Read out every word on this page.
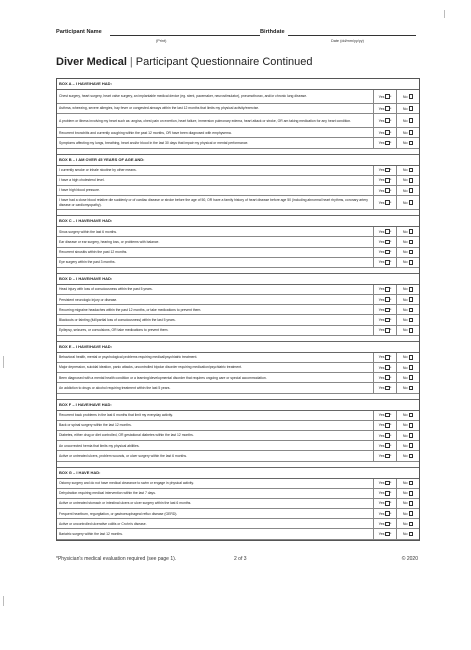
Participant Name
(Print)
Birthdate
Date (dd/mm/yy/yy)
Diver Medical | Participant Questionnaire Continued
BOX A – I HAVE/HAVE HAD:
Chest surgery, heart surgery, heart valve surgery, an implantable medical device (eg. stent, pacemaker, neurostimulator), pneumothorax, and/or chronic lung disease.	Yes *	No
Asthma, wheezing, severe allergies, hay fever or congested airways within the last 12 months that limits my physical activity/exercise.	Yes *	No
A problem or illness involving my heart such as: angina, chest pain on exertion, heart failure, immersion pulmonary edema, heart attack or stroke, OR am taking medication for any heart condition.	Yes *	No
Recurrent bronchitis and currently coughing within the past 12 months, OR have been diagnosed with emphysema.	Yes *	No
Symptoms affecting my lungs, breathing, heart and/or blood in the last 30 days that impair my physical or mental performance.	Yes *	No
BOX B – I AM OVER 45 YEARS OF AGE AND:
I currently smoke or inhale nicotine by other means.	Yes *	No
I have a high cholesterol level.	Yes *	No
I have high blood pressure.	Yes *	No
I have had a close blood relative die suddenly or of cardiac disease or stroke before the age of 50, OR have a family history of heart disease before age 50 (including abnormal heart rhythms, coronary artery disease or cardiomyopathy).	Yes *	No
BOX C – I HAVE/HAVE HAD:
Sinus surgery within the last 6 months.	Yes *	No
Ear disease or ear surgery, hearing loss, or problems with balance.	Yes *	No
Recurrent sinusitis within the past 12 months.	Yes *	No
Eye surgery within the past 3 months.	Yes *	No
BOX D – I HAVE/HAVE HAD:
Head injury with loss of consciousness within the past 5 years.	Yes *	No
Persistent neurologic injury or disease.	Yes *	No
Recurring migraine headaches within the past 12 months, or take medications to prevent them.	Yes *	No
Blackouts or fainting (full/partial loss of consciousness) within the last 5 years.	Yes *	No
Epilepsy, seizures, or convulsions, OR take medications to prevent them.	Yes *	No
BOX E – I HAVE/HAVE HAD:
Behavioral health, mental or psychological problems requiring medical/psychiatric treatment.	Yes *	No
Major depression, suicidal ideation, panic attacks, uncontrolled bipolar disorder requiring medication/psychiatric treatment.	Yes *	No
Been diagnosed with a mental health condition or a learning/developmental disorder that requires ongoing care or special accommodation.	Yes *	No
An addiction to drugs or alcohol requiring treatment within the last 5 years.	Yes *	No
BOX F – I HAVE/HAVE HAD:
Recurrent back problems in the last 6 months that limit my everyday activity.	Yes *	No
Back or spinal surgery within the last 12 months.	Yes *	No
Diabetes, either drug or diet controlled, OR gestational diabetes within the last 12 months.	Yes *	No
An uncorrected hernia that limits my physical abilities.	Yes *	No
Active or untreated ulcers, problem wounds, or ulcer surgery within the last 6 months.	Yes *	No
BOX G – I HAVE HAD:
Ostomy surgery and do not have medical clearance to swim or engage in physical activity.	Yes *	No
Dehydration requiring medical intervention within the last 7 days.	Yes *	No
Active or untreated stomach or intestinal ulcers or ulcer surgery within the last 6 months.	Yes *	No
Frequent heartburn, regurgitation, or gastroesophageal reflux disease (GERD).	Yes *	No
Active or uncontrolled ulcerative colitis or Crohn's disease.	Yes *	No
Bariatric surgery within the last 12 months.	Yes *	No
*Physician's medical evaluation required (see page 1).	2 of 3	© 2020
